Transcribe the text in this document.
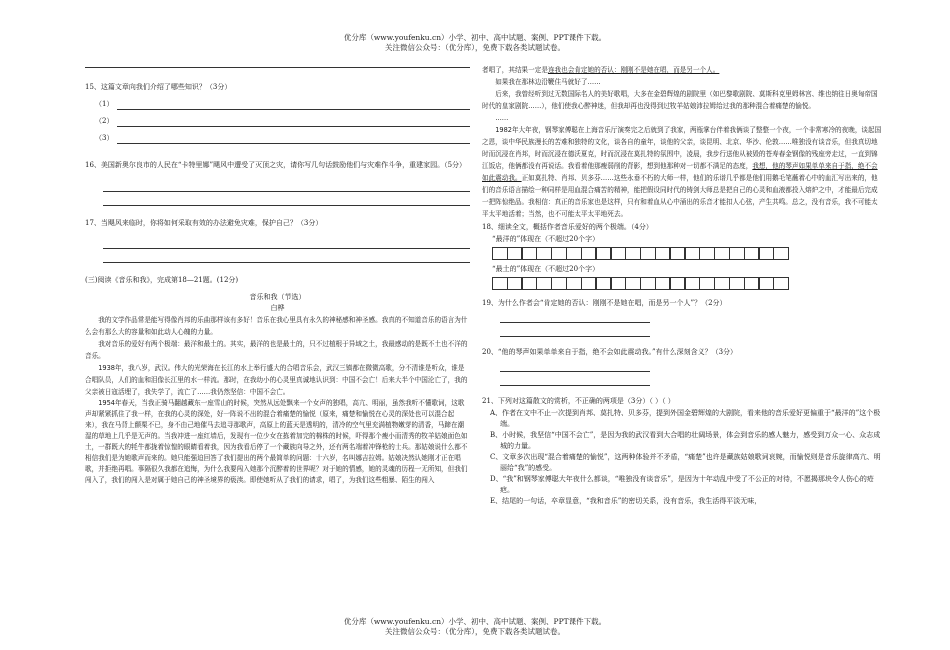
优分库（www.youfenku.cn）小学、初中、高中试题、案例、PPT课件下载。
关注微信公众号：（优分库），免费下载各类试题试卷。

15、这篇文章向我们介绍了哪些知识？（3分）

（1）
（2）
（3）

16、美国新奥尔良市的人民在“卡特里娜”飓风中遭受了灭顶之灾，请你写几句话鼓励他们与灾难作斗争，重建家园。（5分）

17、当飓风来临时，你将如何采取有效的办法避免灾难，保护自己？（3分）

(三)阅读《音乐和我》，完成第18—21题。(12分)

音乐和我（节选）

白桦

我的文学作品常是能写得像肖邦的乐曲那样该有多好！音乐在我心里具有永久的神秘感和神圣感。我真的不知道音乐的语言为什么会有那么大的容量和如此动人心魄的力量。

我对音乐的爱好有两个极端：最洋和最土的。其实，最洋的也是最土的，只不过植根于异域之土，我最感动的是既不土也不洋的音乐。

1938年，我八岁，武汉。伟大的光荣海在长江的水上举行盛大的合唱音乐会，武汉三镇都在微微高歌，分不清谁是听众，谁是合唱队员，人们的血和泪像长江里的水一样流。那时，在我幼小的心灵里真诚地认识到：中国不会亡！后来大半个中国沦亡了，我的父亲被日寇活埋了，我失学了，流亡了……我仍然坚信：中国不会亡。

1954年春天，当我正骑马翻越藏东一座雪山的时候，突然从远处飘来一个女声的独唱，高亢、明丽，虽然我听不懂歌词，这歌声却紧紧抓住了我一样，在我的心灵的深处，好一阵说不出的混合着痛楚的愉悦（原来，痛楚和愉悦在心灵的深处也可以混合起来），我在马背上颤栗不已，身不由己地催马去追寻那歌声，高原上的蓝天是透明的，清冷的空气里充满植物嫩芽的清香，马蹄在潮湿的草地上几乎是无声的。当我冲进一座红墙后，发现有一位少女在拣着加完的棉株的时候，吓得那个瘦小而清秀的牧羊姑娘面色如土，一群既大的牦牛都拢着惊惶的眼睛看着我，因为我看后停了一个藏族向导之外，还有两名端着冲锋枪的士兵。那姑娘说什么都不相信我们是为她歌声而来的。她只能强迫回答了我们提出的两个最简单的问题：十六岁，名叫娜吉拉姆。姑娘决然认她刚才正在唱歌，并拒绝再唱。事隔很久我都在追悔，为什么我要闯入她那个沉醉着的世界呢？对于她的情感，她的灵魂的历程一无所知，但我们闯入了，我们的闯入是对属于她自己的神圣境界的亵渎。即使她听从了我们的请求，唱了，为我们这些粗暴、陌生的闯入

者唱了，其结果一定是连我也会肯定她的否认：刚刚不是她在唱，而是另一个人。

如果我在那林边沿鞭住马就好了……

后来，我曾经听到过无数国际名人的美好歌唱，大多在金碧辉煌的剧院里（如巴黎歌剧院、莫斯科克里姆林宫、维也纳往日奥匈帝国时代的皇家剧院……），他们使我心醉神迷，但我却再也没得到过牧羊姑娘沛拉姆给过我的那种混合着痛楚的愉悦。

……

1982年大年夜，钢琴家傅聪在上海音乐厅演奏完之后就到了我家，两瓶掌台伴着我俩谈了整整一个夜，一个非常寒冷的夜晚，谈起国之恩，谈中华民族漫长的苦难和独特的文化，谈各自的童年，谈他的父亲，谈昆明、北京、华沙、伦敦……唯独没有谈音乐，但我真切地时而沉浸在肖邦，时而沉浸在德沃夏克，时而沉浸在莫扎特的氛围中，凌晨，我步行送他从被毁的苍寿春金钢像的残座旁走过，一直到锦江饭店，他俩都没有再说话。我看着他那瘦弱削的背影，想到他那种对一切都不满足的态度，我想，他的琴声如果单单来自于指，绝不会如此震动我。正如莫扎特、肖邦、贝多芬……这些永垂不朽的大师一样，他们的乐谱几乎都是他们用鹅毛笔蘸着心中的血汇写出来的，他们的音乐语言描绘一种同样是用血混合痛苦的精神，能把假设同时代的铸剑大师总是把自己的心灵和血液都投入熔炉之中，才能最后完成一把阵惊绝品。我相信：真正的音乐家也是这样，只有和着血从心中涌出的乐音才能扣人心弦，产生共鸣。总之，没有音乐，我不可能太平太平地活着；当然，也不可能太平太平地死去。

18、细读全文，概括作者音乐爱好的两个极端。（4分）

“最洋的”体现在（不超过20个字）

“最土的”体现在（不超过20个字）

19、为什么作者会“肯定她的否认：刚刚不是她在唱，而是另一个人”？（2分）

20、“他的琴声如果单单来自于指，绝不会如此震动我。”有什么深刻含义？（3分）

21、下列对这篇散文的赏析，不正确的两项是（3分）（ ）（ ）

A、作者在文中不止一次提到肖邦、莫扎特、贝多芬，提到外国金碧辉煌的大剧院，看来他的音乐爱好更偏重于“最洋的”这个极端。

B、小时候，我坚信“中国不会亡”，是因为我的武汉看到大合唱的壮阔场景，体会到音乐的感人魅力，感受到万众一心、众志成城的力量。

C、文章多次出现“混合着痛楚的愉悦”，这两种体验并不矛盾，“痛楚”也许是藏族姑娘歌词哀婉，而愉悦则是音乐旋律高亢、明丽给“我”的感受。

D、“我”和钢琴家傅聪大年夜什么都谈，“唯独没有谈音乐”，是因为十年动乱中受了不公正的对待，不愿揭那块令人伤心的疮疤。

E、结尾的一句话，卒章显意，“我和音乐”的密切关系，没有音乐，我生活得平淡无味，

优分库（www.youfenku.cn）小学、初中、高中试题、案例、PPT课件下载。
关注微信公众号：（优分库），免费下载各类试题试卷。
